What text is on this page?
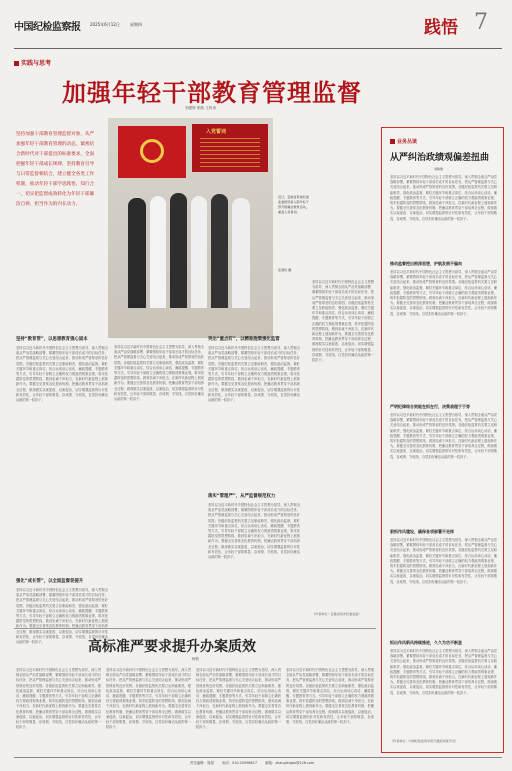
中国纪检监察报 2025年6月12日	星期四	践悟 7
实践与思考
加强年轻干部教育管理监督
刘建婷 张皓 王传寿
坚持加强干部教育管理监督对象，从严加强年轻干部教育管理的动态，紧密结合新时代对干部提出的标准要求，全面把握年轻干部成长规律，坚持教育引导与日常监督相结合，建立健全各类工作机制，推动年轻干部学思践悟、知行合一，切实把监督成效转化为年轻干部廉洁自律、担当作为的内在动力。
入党誓词
近日，安徽省某地纪委监委组织新入职年轻干部开展廉洁教育活动，重温入党誓词。
张德恒 摄
坚持“教育帮”，以思想教育强心固本
坚持以习近平新时代中国特色社会主义思想为指导，深入贯彻全面从严治党战略部署，紧紧围绕年轻干部成长成才的目标任务，把从严管理监督与关心关爱结合起来，推动形成严管厚爱的良好氛围。各级纪检监察机关要立足职能职责，强化政治监督，紧盯关键环节和重点岗位，综合运用谈心谈话、廉政提醒、专题教育等方式，引导年轻干部树立正确的权力观政绩观事业观，筑牢拒腐防变的思想防线，做到忠诚干净担当，在新时代新征程上展现新作为。要健全完善常态化教育机制，把廉洁教育贯穿干部培养全过程，做深做实以案促改、以案促治，切实增强监督的针对性和有效性，让年轻干部知敬畏、存戒惧、守底线，自觉扣好廉洁从政的第一粒扣子。
强化“成长帮”，以全面监督促提升
坚持以习近平新时代中国特色社会主义思想为指导，深入贯彻全面从严治党战略部署，紧紧围绕年轻干部成长成才的目标任务，把从严管理监督与关心关爱结合起来，推动形成严管厚爱的良好氛围。各级纪检监察机关要立足职能职责，强化政治监督，紧盯关键环节和重点岗位，综合运用谈心谈话、廉政提醒、专题教育等方式，引导年轻干部树立正确的权力观政绩观事业观，筑牢拒腐防变的思想防线，做到忠诚干净担当，在新时代新征程上展现新作为。要健全完善常态化教育机制，把廉洁教育贯穿干部培养全过程，做深做实以案促改、以案促治，切实增强监督的针对性和有效性，让年轻干部知敬畏、存戒惧、守底线，自觉扣好廉洁从政的第一粒扣子。
坚持以习近平新时代中国特色社会主义思想为指导，深入贯彻全面从严治党战略部署，紧紧围绕年轻干部成长成才的目标任务，把从严管理监督与关心关爱结合起来，推动形成严管厚爱的良好氛围。各级纪检监察机关要立足职能职责，强化政治监督，紧盯关键环节和重点岗位，综合运用谈心谈话、廉政提醒、专题教育等方式，引导年轻干部树立正确的权力观政绩观事业观，筑牢拒腐防变的思想防线，做到忠诚干净担当，在新时代新征程上展现新作为。要健全完善常态化教育机制，把廉洁教育贯穿干部培养全过程，做深做实以案促改、以案促治，切实增强监督的针对性和有效性，让年轻干部知敬畏、存戒惧、守底线，自觉扣好廉洁从政的第一粒扣子。
突出“重点盯”，以精准施策强化监管
坚持以习近平新时代中国特色社会主义思想为指导，深入贯彻全面从严治党战略部署，紧紧围绕年轻干部成长成才的目标任务，把从严管理监督与关心关爱结合起来，推动形成严管厚爱的良好氛围。各级纪检监察机关要立足职能职责，强化政治监督，紧盯关键环节和重点岗位，综合运用谈心谈话、廉政提醒、专题教育等方式，引导年轻干部树立正确的权力观政绩观事业观，筑牢拒腐防变的思想防线，做到忠诚干净担当，在新时代新征程上展现新作为。要健全完善常态化教育机制，把廉洁教育贯穿干部培养全过程，做深做实以案促改、以案促治，切实增强监督的针对性和有效性，让年轻干部知敬畏、存戒惧、守底线，自觉扣好廉洁从政的第一粒扣子。
落实“管理严”，从严监督规范权力
坚持以习近平新时代中国特色社会主义思想为指导，深入贯彻全面从严治党战略部署，紧紧围绕年轻干部成长成才的目标任务，把从严管理监督与关心关爱结合起来，推动形成严管厚爱的良好氛围。各级纪检监察机关要立足职能职责，强化政治监督，紧盯关键环节和重点岗位，综合运用谈心谈话、廉政提醒、专题教育等方式，引导年轻干部树立正确的权力观政绩观事业观，筑牢拒腐防变的思想防线，做到忠诚干净担当，在新时代新征程上展现新作为。要健全完善常态化教育机制，把廉洁教育贯穿干部培养全过程，做深做实以案促改、以案促治，切实增强监督的针对性和有效性，让年轻干部知敬畏、存戒惧、守底线，自觉扣好廉洁从政的第一粒扣子。
坚持以习近平新时代中国特色社会主义思想为指导，深入贯彻全面从严治党战略部署，紧紧围绕年轻干部成长成才的目标任务，把从严管理监督与关心关爱结合起来，推动形成严管厚爱的良好氛围。各级纪检监察机关要立足职能职责，强化政治监督，紧盯关键环节和重点岗位，综合运用谈心谈话、廉政提醒、专题教育等方式，引导年轻干部树立正确的权力观政绩观事业观，筑牢拒腐防变的思想防线，做到忠诚干净担当，在新时代新征程上展现新作为。要健全完善常态化教育机制，把廉洁教育贯穿干部培养全过程，做深做实以案促改、以案促治，切实增强监督的针对性和有效性，让年轻干部知敬畏、存戒惧、守底线，自觉扣好廉洁从政的第一粒扣子。
（作者单位：安徽省某市纪委监委）
高标准严要求提升办案质效
杨锐
坚持以习近平新时代中国特色社会主义思想为指导，深入贯彻全面从严治党战略部署，紧紧围绕年轻干部成长成才的目标任务，把从严管理监督与关心关爱结合起来，推动形成严管厚爱的良好氛围。各级纪检监察机关要立足职能职责，强化政治监督，紧盯关键环节和重点岗位，综合运用谈心谈话、廉政提醒、专题教育等方式，引导年轻干部树立正确的权力观政绩观事业观，筑牢拒腐防变的思想防线，做到忠诚干净担当，在新时代新征程上展现新作为。要健全完善常态化教育机制，把廉洁教育贯穿干部培养全过程，做深做实以案促改、以案促治，切实增强监督的针对性和有效性，让年轻干部知敬畏、存戒惧、守底线，自觉扣好廉洁从政的第一粒扣子。
坚持以习近平新时代中国特色社会主义思想为指导，深入贯彻全面从严治党战略部署，紧紧围绕年轻干部成长成才的目标任务，把从严管理监督与关心关爱结合起来，推动形成严管厚爱的良好氛围。各级纪检监察机关要立足职能职责，强化政治监督，紧盯关键环节和重点岗位，综合运用谈心谈话、廉政提醒、专题教育等方式，引导年轻干部树立正确的权力观政绩观事业观，筑牢拒腐防变的思想防线，做到忠诚干净担当，在新时代新征程上展现新作为。要健全完善常态化教育机制，把廉洁教育贯穿干部培养全过程，做深做实以案促改、以案促治，切实增强监督的针对性和有效性，让年轻干部知敬畏、存戒惧、守底线，自觉扣好廉洁从政的第一粒扣子。
坚持以习近平新时代中国特色社会主义思想为指导，深入贯彻全面从严治党战略部署，紧紧围绕年轻干部成长成才的目标任务，把从严管理监督与关心关爱结合起来，推动形成严管厚爱的良好氛围。各级纪检监察机关要立足职能职责，强化政治监督，紧盯关键环节和重点岗位，综合运用谈心谈话、廉政提醒、专题教育等方式，引导年轻干部树立正确的权力观政绩观事业观，筑牢拒腐防变的思想防线，做到忠诚干净担当，在新时代新征程上展现新作为。要健全完善常态化教育机制，把廉洁教育贯穿干部培养全过程，做深做实以案促改、以案促治，切实增强监督的针对性和有效性，让年轻干部知敬畏、存戒惧、守底线，自觉扣好廉洁从政的第一粒扣子。
坚持以习近平新时代中国特色社会主义思想为指导，深入贯彻全面从严治党战略部署，紧紧围绕年轻干部成长成才的目标任务，把从严管理监督与关心关爱结合起来，推动形成严管厚爱的良好氛围。各级纪检监察机关要立足职能职责，强化政治监督，紧盯关键环节和重点岗位，综合运用谈心谈话、廉政提醒、专题教育等方式，引导年轻干部树立正确的权力观政绩观事业观，筑牢拒腐防变的思想防线，做到忠诚干净担当，在新时代新征程上展现新作为。要健全完善常态化教育机制，把廉洁教育贯穿干部培养全过程，做深做实以案促改、以案促治，切实增强监督的针对性和有效性，让年轻干部知敬畏、存戒惧、守底线，自觉扣好廉洁从政的第一粒扣子。
业务丛谈
从严纠治政绩观偏差扭曲
刘敏健
坚持以习近平新时代中国特色社会主义思想为指导，深入贯彻全面从严治党战略部署，紧紧围绕年轻干部成长成才的目标任务，把从严管理监督与关心关爱结合起来，推动形成严管厚爱的良好氛围。各级纪检监察机关要立足职能职责，强化政治监督，紧盯关键环节和重点岗位，综合运用谈心谈话、廉政提醒、专题教育等方式，引导年轻干部树立正确的权力观政绩观事业观，筑牢拒腐防变的思想防线，做到忠诚干净担当，在新时代新征程上展现新作为。要健全完善常态化教育机制，把廉洁教育贯穿干部培养全过程，做深做实以案促改、以案促治，切实增强监督的针对性和有效性，让年轻干部知敬畏、存戒惧、守底线，自觉扣好廉洁从政的第一粒扣子。
推动监督挖出根深思想，护航发展不偏向
坚持以习近平新时代中国特色社会主义思想为指导，深入贯彻全面从严治党战略部署，紧紧围绕年轻干部成长成才的目标任务，把从严管理监督与关心关爱结合起来，推动形成严管厚爱的良好氛围。各级纪检监察机关要立足职能职责，强化政治监督，紧盯关键环节和重点岗位，综合运用谈心谈话、廉政提醒、专题教育等方式，引导年轻干部树立正确的权力观政绩观事业观，筑牢拒腐防变的思想防线，做到忠诚干净担当，在新时代新征程上展现新作为。要健全完善常态化教育机制，把廉洁教育贯穿干部培养全过程，做深做实以案促改、以案促治，切实增强监督的针对性和有效性，让年轻干部知敬畏、存戒惧、守底线，自觉扣好廉洁从政的第一粒扣子。
严明纪律综合效能在抓在行，决策战理于于旁
坚持以习近平新时代中国特色社会主义思想为指导，深入贯彻全面从严治党战略部署，紧紧围绕年轻干部成长成才的目标任务，把从严管理监督与关心关爱结合起来，推动形成严管厚爱的良好氛围。各级纪检监察机关要立足职能职责，强化政治监督，紧盯关键环节和重点岗位，综合运用谈心谈话、廉政提醒、专题教育等方式，引导年轻干部树立正确的权力观政绩观事业观，筑牢拒腐防变的思想防线，做到忠诚干净担当，在新时代新征程上展现新作为。要健全完善常态化教育机制，把廉洁教育贯穿干部培养全过程，做深做实以案促改、以案促治，切实增强监督的针对性和有效性，让年轻干部知敬畏、存戒惧、守底线，自觉扣好廉洁从政的第一粒扣子。
狠抓作风建设，确保各项部署不走样
坚持以习近平新时代中国特色社会主义思想为指导，深入贯彻全面从严治党战略部署，紧紧围绕年轻干部成长成才的目标任务，把从严管理监督与关心关爱结合起来，推动形成严管厚爱的良好氛围。各级纪检监察机关要立足职能职责，强化政治监督，紧盯关键环节和重点岗位，综合运用谈心谈话、廉政提醒、专题教育等方式，引导年轻干部树立正确的权力观政绩观事业观，筑牢拒腐防变的思想防线，做到忠诚干净担当，在新时代新征程上展现新作为。要健全完善常态化教育机制，把廉洁教育贯穿干部培养全过程，做深做实以案促改、以案促治，切实增强监督的针对性和有效性，让年轻干部知敬畏、存戒惧、守底线，自觉扣好廉洁从政的第一粒扣子。
抓出作风新风持续推进，久久为功不断显
坚持以习近平新时代中国特色社会主义思想为指导，深入贯彻全面从严治党战略部署，紧紧围绕年轻干部成长成才的目标任务，把从严管理监督与关心关爱结合起来，推动形成严管厚爱的良好氛围。各级纪检监察机关要立足职能职责，强化政治监督，紧盯关键环节和重点岗位，综合运用谈心谈话、廉政提醒、专题教育等方式，引导年轻干部树立正确的权力观政绩观事业观，筑牢拒腐防变的思想防线，做到忠诚干净担当，在新时代新征程上展现新作为。要健全完善常态化教育机制，把廉洁教育贯穿干部培养全过程，做深做实以案促改、以案促治，切实增强监督的针对性和有效性，让年轻干部知敬畏、存戒惧、守底线，自觉扣好廉洁从政的第一粒扣子。
（作者单位：中国纪检监察学院专题培训班学员）
责任编辑：周超 电话：010-25598817 邮箱：zhanglingbo@126.com
